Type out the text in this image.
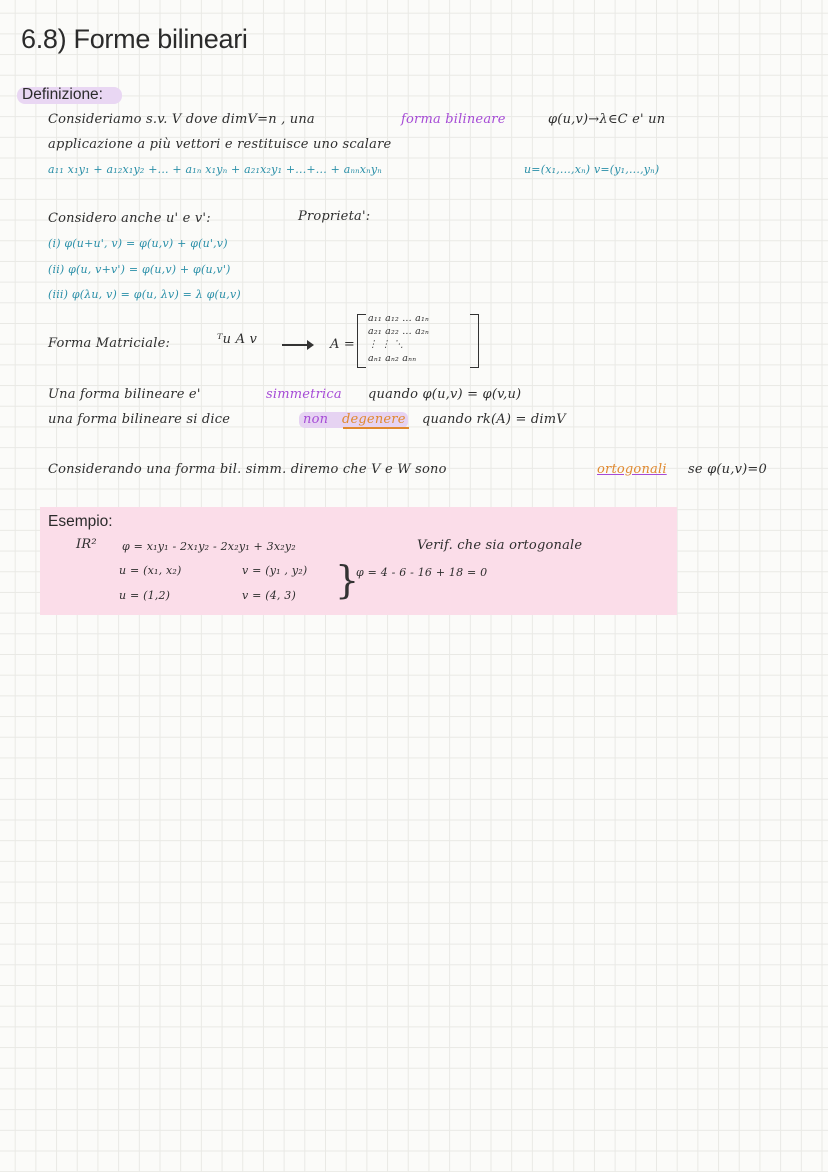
6.8) Forme bilineari
Definizione:
Consideriamo s.v. V dove dimV=n , una	forma bilineare	φ(u,v)→λ∈C e' un
applicazione a più vettori e restituisce uno scalare
a₁₁ x₁y₁ + a₁₂x₁y₂ +... + a₁ₙ x₁yₙ + a₂₁x₂y₁ +...+... + aₙₙxₙyₙ	u=(x₁,...,xₙ) v=(y₁,...,yₙ)
Considero anche u' e v':	Proprieta':
(i) φ(u+u', v) = φ(u,v) + φ(u',v)
(ii) φ(u, v+v') = φ(u,v) + φ(u,v')
(iii) φ(λu, v) = φ(u, λv) = λ φ(u,v)
Forma Matriciale:	ᵀu A v	A =
a₁₁ a₁₂ ... a₁ₙ
a₂₁ a₂₂ ... a₂ₙ
⋮ ⋮ ⋱
aₙ₁ aₙ₂ aₙₙ
Una forma bilineare e'	simmetrica quando φ(u,v) = φ(v,u)
una forma bilineare si dice	non degenere quando rk(A) = dimV
Considerando una forma bil. simm. diremo che V e W sono	ortogonali se φ(u,v)=0
Esempio:
IR² φ = x₁y₁ - 2x₁y₂ - 2x₂y₁ + 3x₂y₂	Verif. che sia ortogonale
u = (x₁, x₂)	v = (y₁ , y₂) }
φ = 4 - 6 - 16 + 18 = 0
u = (1,2)	v = (4, 3)
